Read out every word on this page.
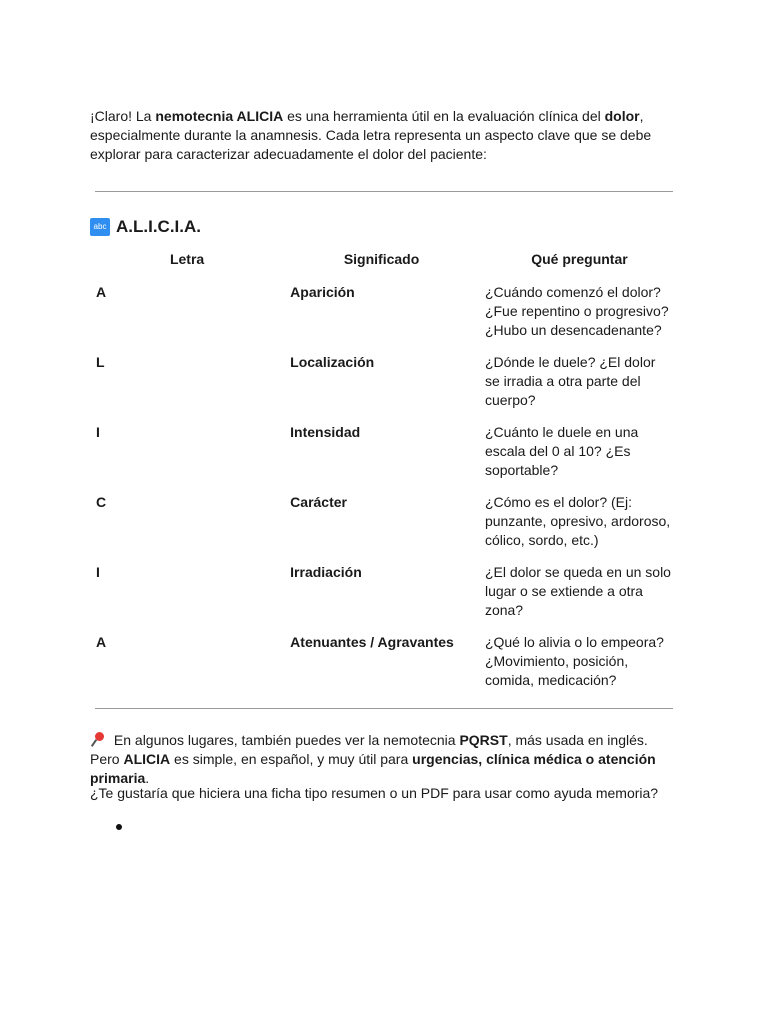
¡Claro! La nemotecnia ALICIA es una herramienta útil en la evaluación clínica del dolor, especialmente durante la anamnesis. Cada letra representa un aspecto clave que se debe explorar para caracterizar adecuadamente el dolor del paciente:

abc A.L.I.C.I.A.
Letra	Significado	Qué preguntar
A	Aparición	¿Cuándo comenzó el dolor? ¿Fue repentino o progresivo? ¿Hubo un desencadenante?
L	Localización	¿Dónde le duele? ¿El dolor se irradia a otra parte del cuerpo?
I	Intensidad	¿Cuánto le duele en una escala del 0 al 10? ¿Es soportable?
C	Carácter	¿Cómo es el dolor? (Ej: punzante, opresivo, ardoroso, cólico, sordo, etc.)
I	Irradiación	¿El dolor se queda en un solo lugar o se extiende a otra zona?
A	Atenuantes / Agravantes	¿Qué lo alivia o lo empeora? ¿Movimiento, posición, comida, medicación?

En algunos lugares, también puedes ver la nemotecnia PQRST, más usada en inglés. Pero ALICIA es simple, en español, y muy útil para urgencias, clínica médica o atención primaria.

¿Te gustaría que hiciera una ficha tipo resumen o un PDF para usar como ayuda memoria?
